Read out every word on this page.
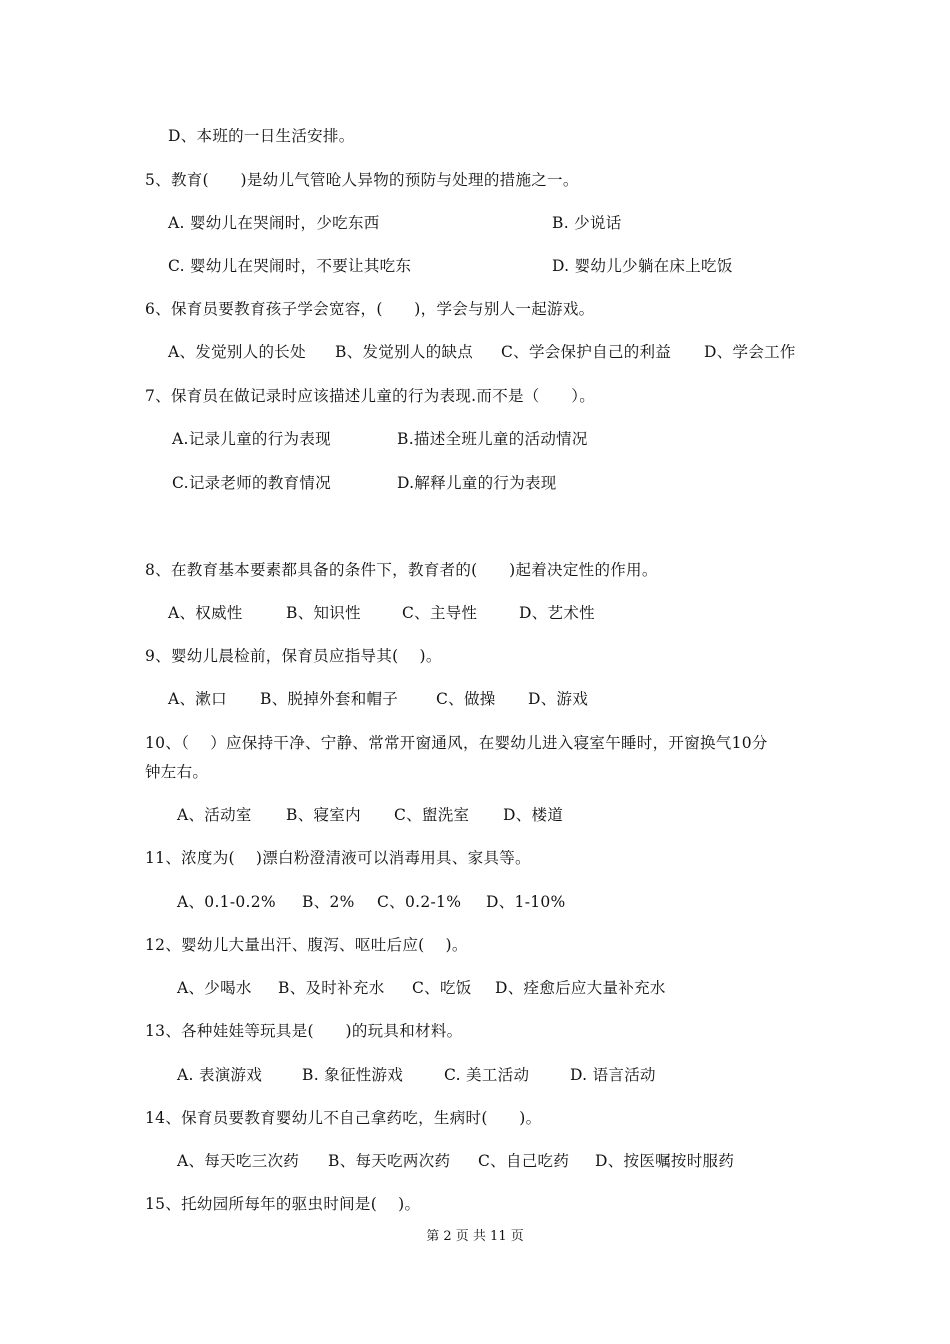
D、本班的一日生活安排。
5、教育(　　)是幼儿气管呛人异物的预防与处理的措施之一。
A. 婴幼儿在哭闹时，少吃东西	B. 少说话
C. 婴幼儿在哭闹时，不要让其吃东	D. 婴幼儿少躺在床上吃饭
6、保育员要教育孩子学会宽容，(　　)，学会与别人一起游戏。
A、发觉别人的长处 B、发觉别人的缺点 C、学会保护自己的利益 D、学会工作
7、保育员在做记录时应该描述儿童的行为表现.而不是（　　）。
A.记录儿童的行为表现	B.描述全班儿童的活动情况
C.记录老师的教育情况	D.解释儿童的行为表现
8、在教育基本要素都具备的条件下，教育者的(　　)起着决定性的作用。
A、权威性	B、知识性	C、主导性	D、艺术性
9、婴幼儿晨检前，保育员应指导其(　 )。
A、漱口 B、脱掉外套和帽子 C、做操 D、游戏
10、（　 ）应保持干净、宁静、常常开窗通风，在婴幼儿进入寝室午睡时，开窗换气10分
钟左右。
A、活动室 B、寝室内 C、盥洗室 D、楼道
11、浓度为(　 )漂白粉澄清液可以消毒用具、家具等。
A、0.1-0.2% B、2% C、0.2-1% D、1-10%
12、婴幼儿大量出汗、腹泻、呕吐后应(　 )。
A、少喝水 B、及时补充水 C、吃饭 D、痊愈后应大量补充水
13、各种娃娃等玩具是(　　)的玩具和材料。
A. 表演游戏	B. 象征性游戏	C. 美工活动	D. 语言活动
14、保育员要教育婴幼儿不自己拿药吃，生病时(　　)。
A、每天吃三次药 B、每天吃两次药 C、自己吃药 D、按医嘱按时服药
15、托幼园所每年的驱虫时间是(　 )。
第 2 页 共 11 页
